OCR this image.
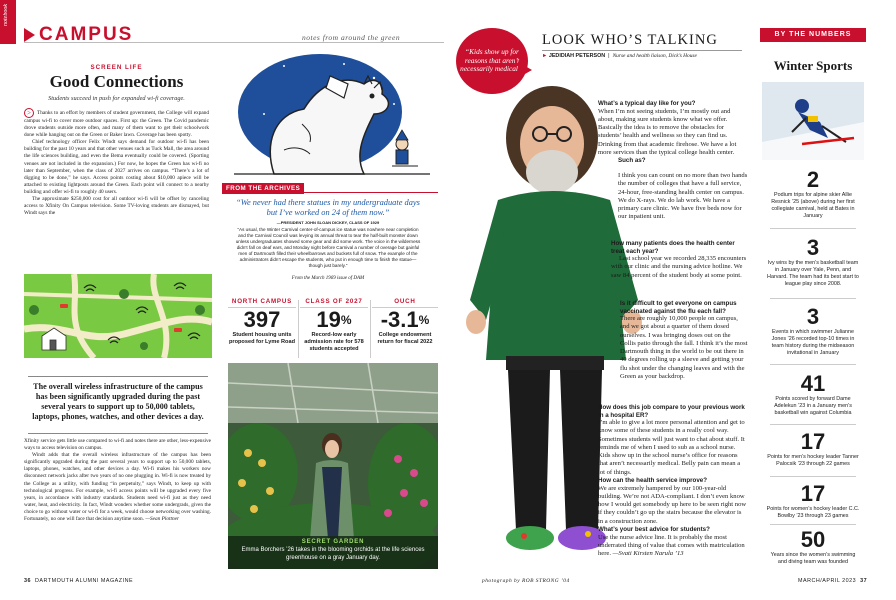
notebook
CAMPUS	notes from around the green
SCREEN LIFE
Good Connections
Students succeed in push for expanded wi-fi coverage.

> Thanks to an effort by members of student government, the College will expand campus wi-fi to cover more outdoor spaces. First up: the Green. The Covid pandemic drove students outside more often, and many of them want to get their schoolwork done while hanging out on the Green or Baker lawn. Coverage has been spotty.

Chief technology officer Felix Windt says demand for outdoor wi-fi has been building for the past 10 years and that other venues such as Tuck Mall, the area around the life sciences building, and even the Bema eventually could be covered. (Sporting venues are not included in the expansion.) For now, he hopes the Green has wi-fi no later than September, when the class of 2027 arrives on campus. “There’s a lot of digging to be done,” he says. Access points costing about $10,000 apiece will be attached to existing lightposts around the Green. Each point will connect to a nearby building and offer wi-fi to roughly 40 users.

The approximate $250,000 cost for all outdoor wi-fi will be offset by canceling access to Xfinity On Campus television. Some TV-loving students are dismayed, but Windt says the

The overall wireless infrastructure of the campus has been significantly upgraded during the past several years to support up to 50,000 tablets, laptops, phones, watches, and other devices a day.

Xfinity service gets little use compared to wi-fi and notes there are other, less-expensive ways to access television on campus.

Windt adds that the overall wireless infrastructure of the campus has been significantly upgraded during the past several years to support up to 50,000 tablets, laptops, phones, watches, and other devices a day. Wi-fi makes his workers now disconnect network jacks after two years of no one plugging in. Wi-fi is now treated by the College as a utility, with funding “in perpetuity,” says Windt, to keep up with technological progress. For example, wi-fi access points will be upgraded every five years, in accordance with industry standards. Students need wi-fi just as they need water, heat, and electricity. In fact, Windt wonders whether some undergrads, given the choice to go without water or wi-fi for a week, would choose networking over washing. Fortunately, no one will face that decision anytime soon. —Sean Plottner

FROM THE ARCHIVES
“We never had there statues in my undergraduate days but I’ve worked on 24 of them now.”
—PRESIDENT JOHN SLOAN DICKEY, CLASS OF 1929
“As usual, the Winter Carnival center-of-campus ice statue was nowhere near completion and the Carnival Council was levying its annual threat to tear the half-built monster down unless undergraduates showed some gear and did some work. The voice in the wilderness didn’t fall on deaf ears, and Monday night before Carnival a number of overage but gainful men of Dartmouth filled their wheelbarrows and buckets full of snow. The example of the administrators didn’t escape the students, who put in enough time to finish the statue—though just barely.”
From the March 1969 issue of DAM
NORTH CAMPUS
397
Student housing units proposed for Lyme Road
CLASS OF 2027
19%
Record-low early admission rate for 578 students accepted
OUCH
-3.1%
College endowment return for fiscal 2022
SECRET GARDEN
Emma Borchers ’26 takes in the blooming orchids at the life sciences greenhouse on a gray January day.
36 DARTMOUTH ALUMNI MAGAZINE	photograph by ROB STRONG ’04	MARCH/APRIL 2023 37
“Kids show up for reasons that aren’t necessarily medical.”
LOOK WHO’S TALKING
► JEDIDIAH PETERSON  |  Nurse and health liaison, Dick’s House
What’s a typical day like for you?
When I’m not seeing students, I’m mostly out and about, making sure students know what we offer. Basically the idea is to remove the obstacles for students’ health and wellness so they can find us. Drinking from that academic firehose. We have a lot more services than the typical college health center.
Such as?
I think you can count on no more than two hands the number of colleges that have a full service, 24-hour, free-standing health center on campus. We do X-rays. We do lab work. We have a primary care clinic. We have five beds now for our inpatient unit.
How many patients does the health center treat each year?
Last school year we recorded 28,335 encounters with our clinic and the nursing advice hotline. We saw 84 percent of the student body at some point.
Is it difficult to get everyone on campus vaccinated against the flu each fall?
There are roughly 10,000 people on campus, and we got about a quarter of them dosed ourselves. I was bringing doses out on the Collis patio through the fall. I think it’s the most Dartmouth thing in the world to be out there in 40 degrees rolling up a sleeve and getting your flu shot under the changing leaves and with the Green as your backdrop.
How does this job compare to your previous work in a hospital ER?
I’m able to give a lot more personal attention and get to know some of these students in a really cool way. Sometimes students will just want to chat about stuff. It reminds me of when I used to sub as a school nurse. Kids show up in the school nurse’s office for reasons that aren’t necessarily medical. Belly pain can mean a lot of things.
How can the health service improve?
We are extremely hampered by our 100-year-old building. We’re not ADA-compliant. I don’t even know how I would get somebody up here to be seen right now if they couldn’t go up the stairs because the elevator is in a construction zone.
What’s your best advice for students?
Use the nurse advice line. It is probably the most underrated thing of value that comes with matriculation here. —Svati Kirsten Narula ’13
BY THE NUMBERS
Winter Sports
2
Podium trips for alpine skier Allie Resnick ’25 (above) during her first collegiate carnival, held at Bates in January
3
Ivy wins by the men’s basketball team in January over Yale, Penn, and Harvard. The team had its best start to league play since 2008.
3
Events in which swimmer Julianne Jones ’26 recorded top-10 times in team history during the midseason invitational in January
41
Points scored by forward Dame Adelekun ’23 in a January men’s basketball win against Columbia
17
Points for men’s hockey leader Tanner Palocsik ’23 through 22 games
17
Points for women’s hockey leader C.C. Bowlby ’23 through 23 games
50
Years since the women’s swimming and diving team was founded
